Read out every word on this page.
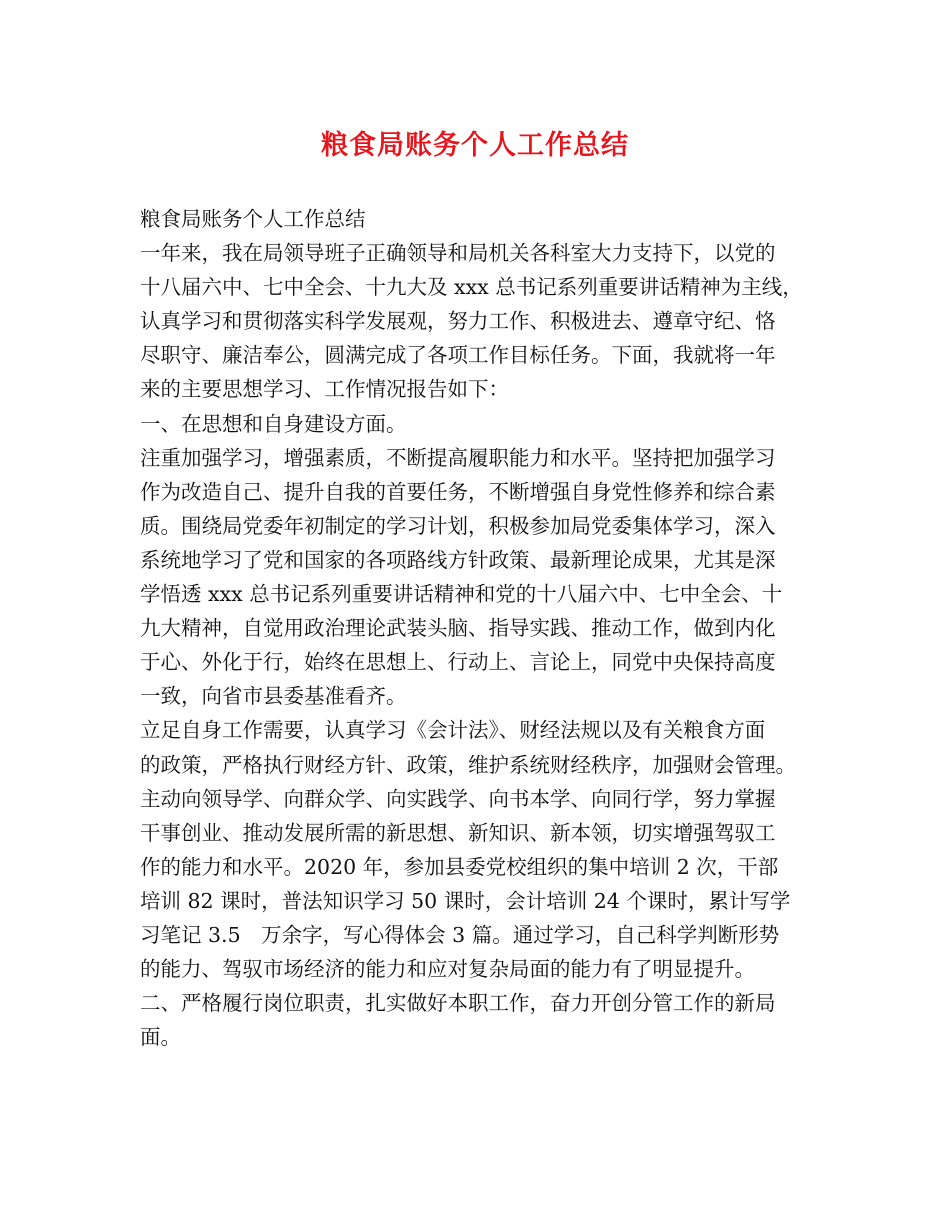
粮食局账务个人工作总结
粮食局账务个人工作总结
一年来，我在局领导班子正确领导和局机关各科室大力支持下，以党的
十八届六中、七中全会、十九大及 xxx 总书记系列重要讲话精神为主线，
认真学习和贯彻落实科学发展观，努力工作、积极进去、遵章守纪、恪
尽职守、廉洁奉公，圆满完成了各项工作目标任务。下面，我就将一年
来的主要思想学习、工作情况报告如下：
一、在思想和自身建设方面。
注重加强学习，增强素质，不断提高履职能力和水平。坚持把加强学习
作为改造自己、提升自我的首要任务，不断增强自身党性修养和综合素
质。围绕局党委年初制定的学习计划，积极参加局党委集体学习，深入
系统地学习了党和国家的各项路线方针政策、最新理论成果，尤其是深
学悟透 xxx 总书记系列重要讲话精神和党的十八届六中、七中全会、十
九大精神，自觉用政治理论武装头脑、指导实践、推动工作，做到内化
于心、外化于行，始终在思想上、行动上、言论上，同党中央保持高度
一致，向省市县委基准看齐。
立足自身工作需要，认真学习《会计法》、财经法规以及有关粮食方面
的政策，严格执行财经方针、政策，维护系统财经秩序，加强财会管理。
主动向领导学、向群众学、向实践学、向书本学、向同行学，努力掌握
干事创业、推动发展所需的新思想、新知识、新本领，切实增强驾驭工
作的能力和水平。2020 年，参加县委党校组织的集中培训 2 次，干部
培训 82 课时，普法知识学习 50 课时，会计培训 24 个课时，累计写学
习笔记 3.5　万余字，写心得体会 3 篇。通过学习，自己科学判断形势
的能力、驾驭市场经济的能力和应对复杂局面的能力有了明显提升。
二、严格履行岗位职责，扎实做好本职工作，奋力开创分管工作的新局
面。
